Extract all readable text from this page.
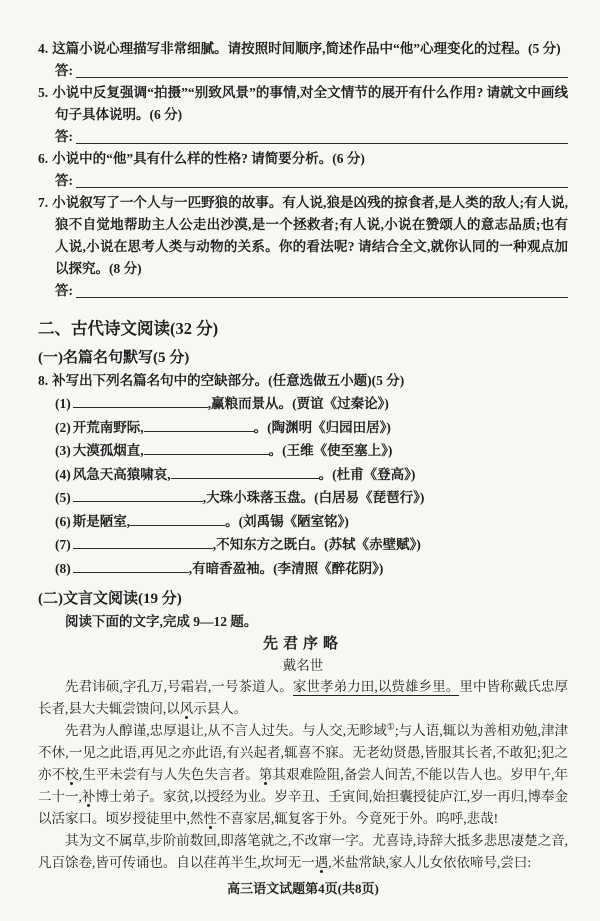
4. 这篇小说心理描写非常细腻。请按照时间顺序,简述作品中“他”心理变化的过程。(5 分)

答:

5. 小说中反复强调“拍摄”“别致风景”的事情,对全文情节的展开有什么作用? 请就文中画线句子具体说明。(6 分)

答:

6. 小说中的“他”具有什么样的性格? 请简要分析。(6 分)

答:

7. 小说叙写了一个人与一匹野狼的故事。有人说,狼是凶残的掠食者,是人类的敌人;有人说,狼不自觉地帮助主人公走出沙漠,是一个拯救者;有人说,小说在赞颂人的意志品质;也有人说,小说在思考人类与动物的关系。你的看法呢? 请结合全文,就你认同的一种观点加以探究。(8 分)

答:
二、古代诗文阅读(32 分)
(一)名篇名句默写(5 分)

8. 补写出下列名篇名句中的空缺部分。(任意选做五小题)(5 分)

(1)	,赢粮而景从。(贾谊《过秦论》)

(2) 开荒南野际,	。(陶渊明《归园田居》)

(3) 大漠孤烟直,	。(王维《使至塞上》)

(4) 风急天高猿啸哀,	。(杜甫《登高》)

(5)	,大珠小珠落玉盘。(白居易《琵琶行》)

(6) 斯是陋室,	。(刘禹锡《陋室铭》)

(7)	,不知东方之既白。(苏轼《赤壁赋》)

(8)	,有暗香盈袖。(李清照《醉花阴》)

(二)文言文阅读(19 分)

阅读下面的文字,完成 9—12 题。

先君序略

戴名世

先君讳硕,字孔万,号霜岩,一号茶道人。家世孝弟力田,以赀雄乡里。里中皆称戴氏忠厚长者,县大夫辄尝馈问,以风示县人。

先君为人醇谨,忠厚退让,从不言人过失。与人交,无畛域①;与人语,辄以为善相劝勉,津津不休,一见之此语,再见之亦此语,有兴起者,辄喜不寐。无老幼贤愚,皆服其长者,不敢犯;犯之亦不校,生平未尝有与人失色失言者。第其艰难险阻,备尝人间苦,不能以告人也。岁甲午,年二十一,补博士弟子。家贫,以授经为业。岁辛丑、壬寅间,始担囊授徒庐江,岁一再归,博奉金以活家口。顷岁授徒里中,然性不喜家居,辄复客于外。今竟死于外。呜呼,悲哉!

其为文不属草,步阶前数回,即落笔就之,不改窜一字。尤喜诗,诗辞大抵多悲思凄楚之音,凡百馀卷,皆可传诵也。自以荏苒半生,坎坷无一遇,米盐常缺,家人儿女依依啼号,尝曰:

高三语文试题第4页(共8页)
